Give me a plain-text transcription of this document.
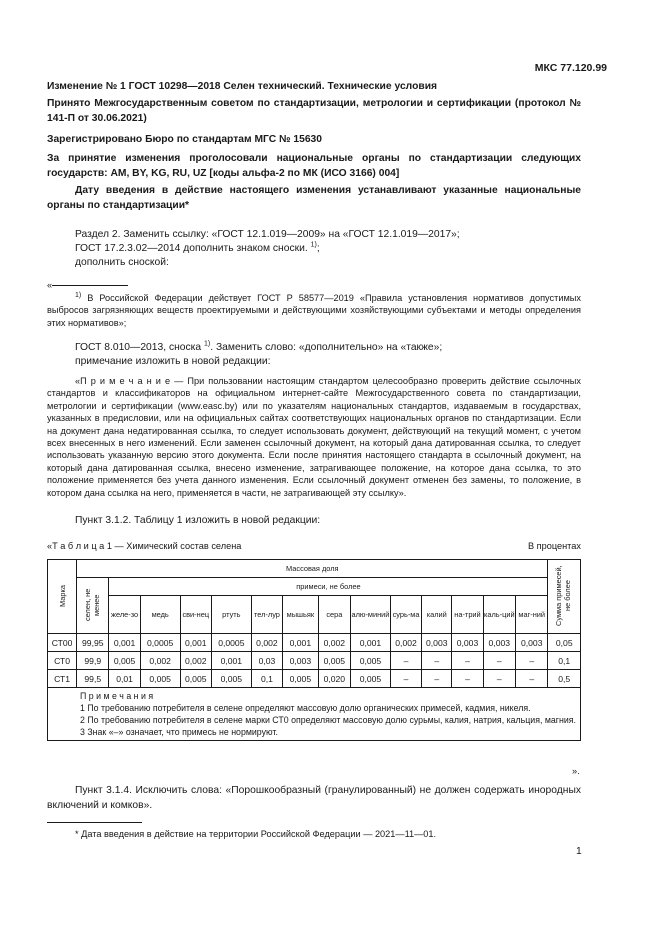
МКС 77.120.99
Изменение № 1 ГОСТ 10298—2018 Селен технический. Технические условия
Принято Межгосударственным советом по стандартизации, метрологии и сертификации (протокол № 141-П от 30.06.2021)
Зарегистрировано Бюро по стандартам МГС № 15630
За принятие изменения проголосовали национальные органы по стандартизации следующих государств: AM, BY, KG, RU, UZ [коды альфа-2 по МК (ИСО 3166) 004]
Дату введения в действие настоящего изменения устанавливают указанные национальные органы по стандартизации*
Раздел 2. Заменить ссылку: «ГОСТ 12.1.019—2009» на «ГОСТ 12.1.019—2017»;
ГОСТ 17.2.3.02—2014 дополнить знаком сноски. $^{1)}$;
дополнить сноской:
«
$^{1)}$ В Российской Федерации действует ГОСТ Р 58577—2019 «Правила установления нормативов допустимых выбросов загрязняющих веществ проектируемыми и действующими хозяйствующими субъектами и методы определения этих нормативов»;
ГОСТ 8.010—2013, сноска $^{1)}$. Заменить слово: «дополнительно» на «также»;
примечание изложить в новой редакции:
«П р и м е ч а н и е — При пользовании настоящим стандартом целесообразно проверить действие ссылочных стандартов и классификаторов на официальном интернет-сайте Межгосударственного совета по стандартизации, метрологии и сертификации (www.easc.by) или по указателям национальных стандартов, издаваемым в государствах, указанных в предисловии, или на официальных сайтах соответствующих национальных органов по стандартизации. Если на документ дана недатированная ссылка, то следует использовать документ, действующий на текущий момент, с учетом всех внесенных в него изменений. Если заменен ссылочный документ, на который дана датированная ссылка, то следует использовать указанную версию этого документа. Если после принятия настоящего стандарта в ссылочный документ, на который дана датированная ссылка, внесено изменение, затрагивающее положение, на которое дана ссылка, то это положение применяется без учета данного изменения. Если ссылочный документ отменен без замены, то положение, в котором дана ссылка на него, применяется в части, не затрагивающей эту ссылку».
Пункт 3.1.2. Таблицу 1 изложить в новой редакции:
«Т а б л и ц а 1 — Химический состав селена	В процентах
Марка	Массовая доля														Сумма примесей, не более
	селен, не менее	примеси, не более													
		желе-зо	медь	сви-нец	ртуть	тел-лур	мышьяк	сера	алю-миний	сурь-ма	калий	на-трий	каль-ций	маг-ний	
СТ00	99,95	0,001	0,0005	0,001	0,0005	0,002	0,001	0,002	0,001	0,002	0,003	0,003	0,003	0,003	0,05
СТ0	99,9	0,005	0,002	0,002	0,001	0,03	0,003	0,005	0,005	–	–	–	–	–	0,1
СТ1	99,5	0,01	0,005	0,005	0,005	0,1	0,005	0,020	0,005	–	–	–	–	–	0,5

П р и м е ч а н и я
1 По требованию потребителя в селене определяют массовую долю органических примесей, кадмия, никеля.
2 По требованию потребителя в селене марки СТ0 определяют массовую долю сурьмы, калия, натрия, кальция, магния.
3 Знак «–» означает, что примесь не нормируют.															
».
Пункт 3.1.4. Исключить слова: «Порошкообразный (гранулированный) не должен содержать инородных включений и комков».
* Дата введения в действие на территории Российской Федерации — 2021—11—01.
1
